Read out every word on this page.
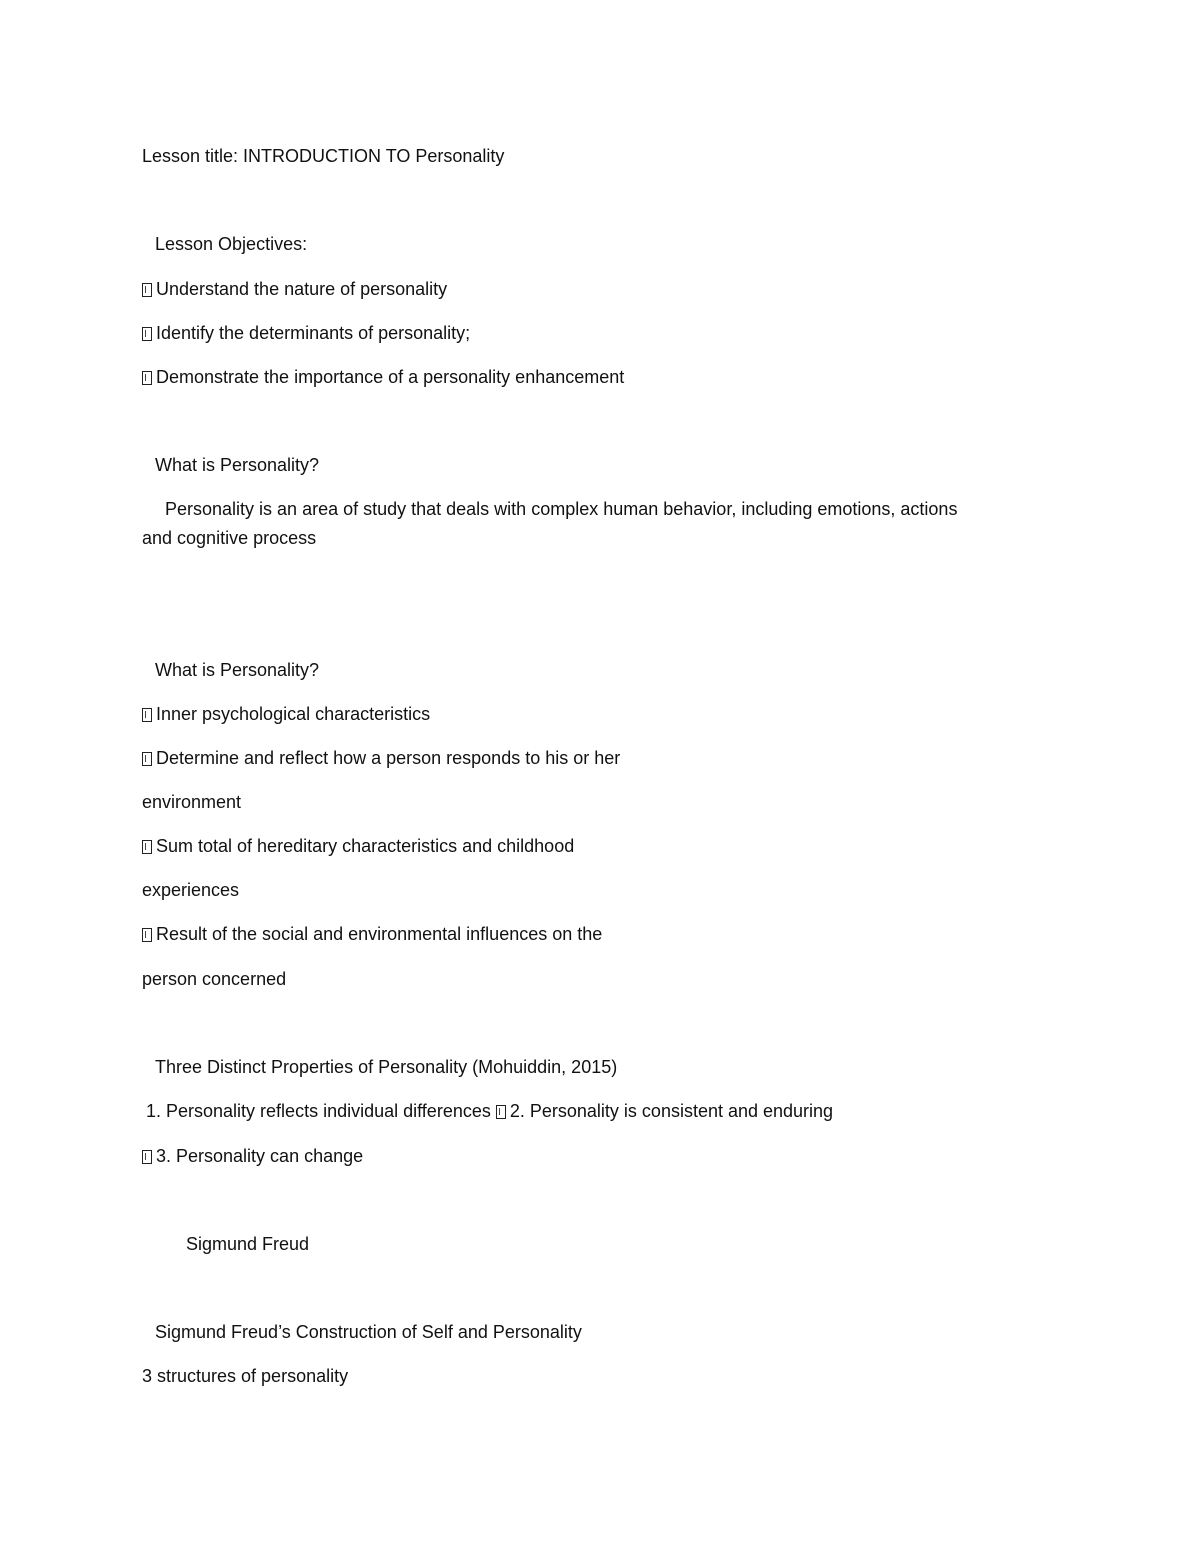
Lesson title: INTRODUCTION TO Personality
Lesson Objectives:
Understand the nature of personality
Identify the determinants of personality;
Demonstrate the importance of a personality enhancement
What is Personality?
Personality is an area of study that deals with complex human behavior, including emotions, actions
and cognitive process
What is Personality?
Inner psychological characteristics
Determine and reflect how a person responds to his or her
environment
Sum total of hereditary characteristics and childhood
experiences
Result of the social and environmental influences on the
person concerned
Three Distinct Properties of Personality (Mohuiddin, 2015)
1. Personality reflects individual differences 2. Personality is consistent and enduring
3. Personality can change
Sigmund Freud
Sigmund Freud’s Construction of Self and Personality
3 structures of personality
